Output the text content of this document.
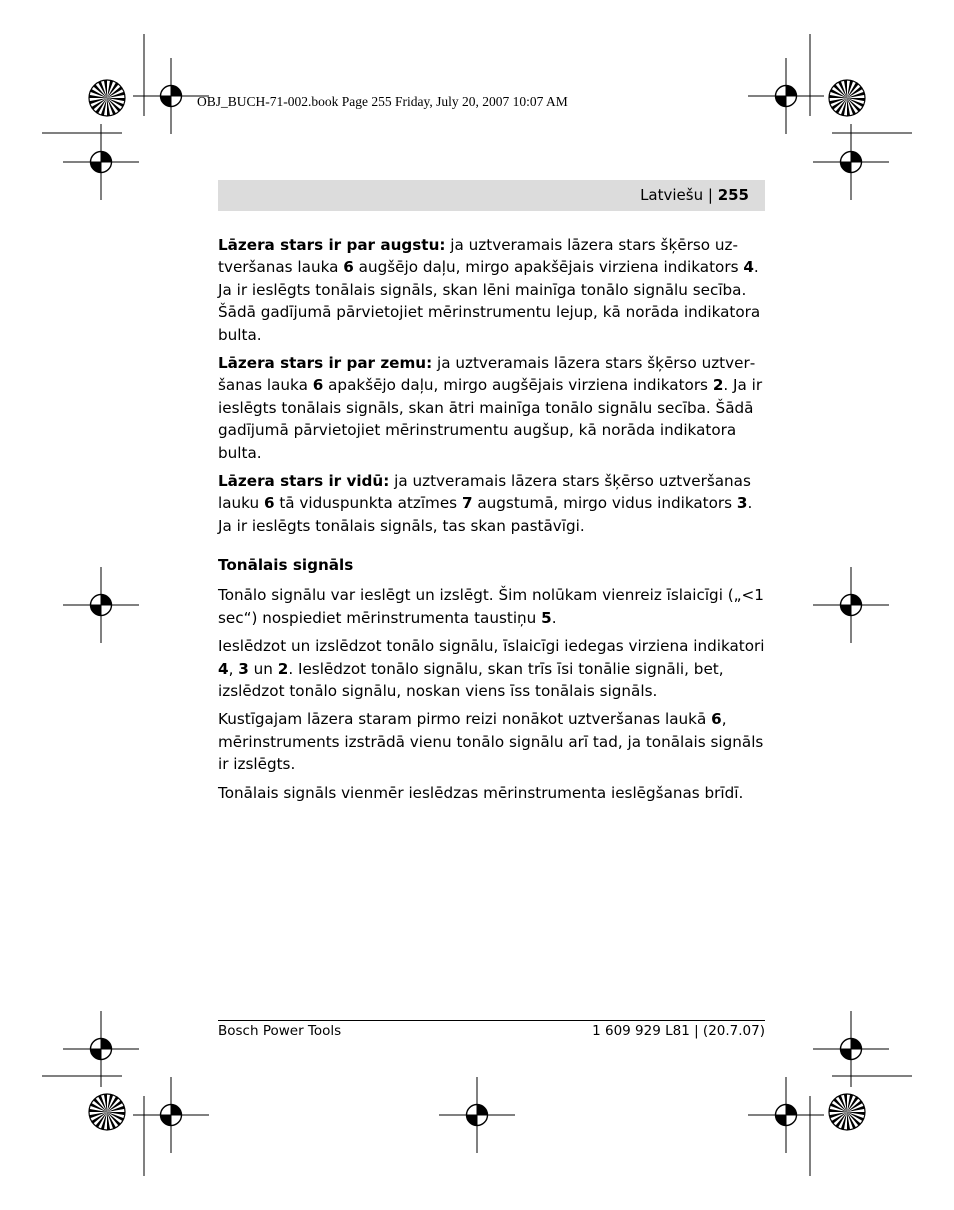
OBJ_BUCH-71-002.book Page 255 Friday, July 20, 2007 10:07 AM
Latviešu | 255

Lāzera stars ir par augstu: ja uztveramais lāzera stars šķērso uztveršanas lauka 6 augšējo daļu, mirgo apakšējais virziena indikators 4. Ja ir ieslēgts tonālais signāls, skan lēni mainīga tonālo signālu secība. Šādā gadījumā pārvietojiet mērinstrumentu lejup, kā norāda indikatora bulta.

Lāzera stars ir par zemu: ja uztveramais lāzera stars šķērso uztveršanas lauka 6 apakšējo daļu, mirgo augšējais virziena indikators 2. Ja ir ieslēgts tonālais signāls, skan ātri mainīga tonālo signālu secība. Šādā gadījumā pārvietojiet mērinstrumentu augšup, kā norāda indikatora bulta.

Lāzera stars ir vidū: ja uztveramais lāzera stars šķērso uztveršanas lauku 6 tā viduspunkta atzīmes 7 augstumā, mirgo vidus indikators 3. Ja ir ieslēgts tonālais signāls, tas skan pastāvīgi.

Tonālais signāls

Tonālo signālu var ieslēgt un izslēgt. Šim nolūkam vienreiz īslaicīgi („<1 sec“) nospiediet mērinstrumenta taustiņu 5.

Ieslēdzot un izslēdzot tonālo signālu, īslaicīgi iedegas virziena indikatori 4, 3 un 2. Ieslēdzot tonālo signālu, skan trīs īsi tonālie signāli, bet, izslēdzot tonālo signālu, noskan viens īss tonālais signāls.

Kustīgajam lāzera staram pirmo reizi nonākot uztveršanas laukā 6, mērinstruments izstrādā vienu tonālo signālu arī tad, ja tonālais signāls ir izslēgts.

Tonālais signāls vienmēr ieslēdzas mērinstrumenta ieslēgšanas brīdī.

Bosch Power Tools	1 609 929 L81 | (20.7.07)
